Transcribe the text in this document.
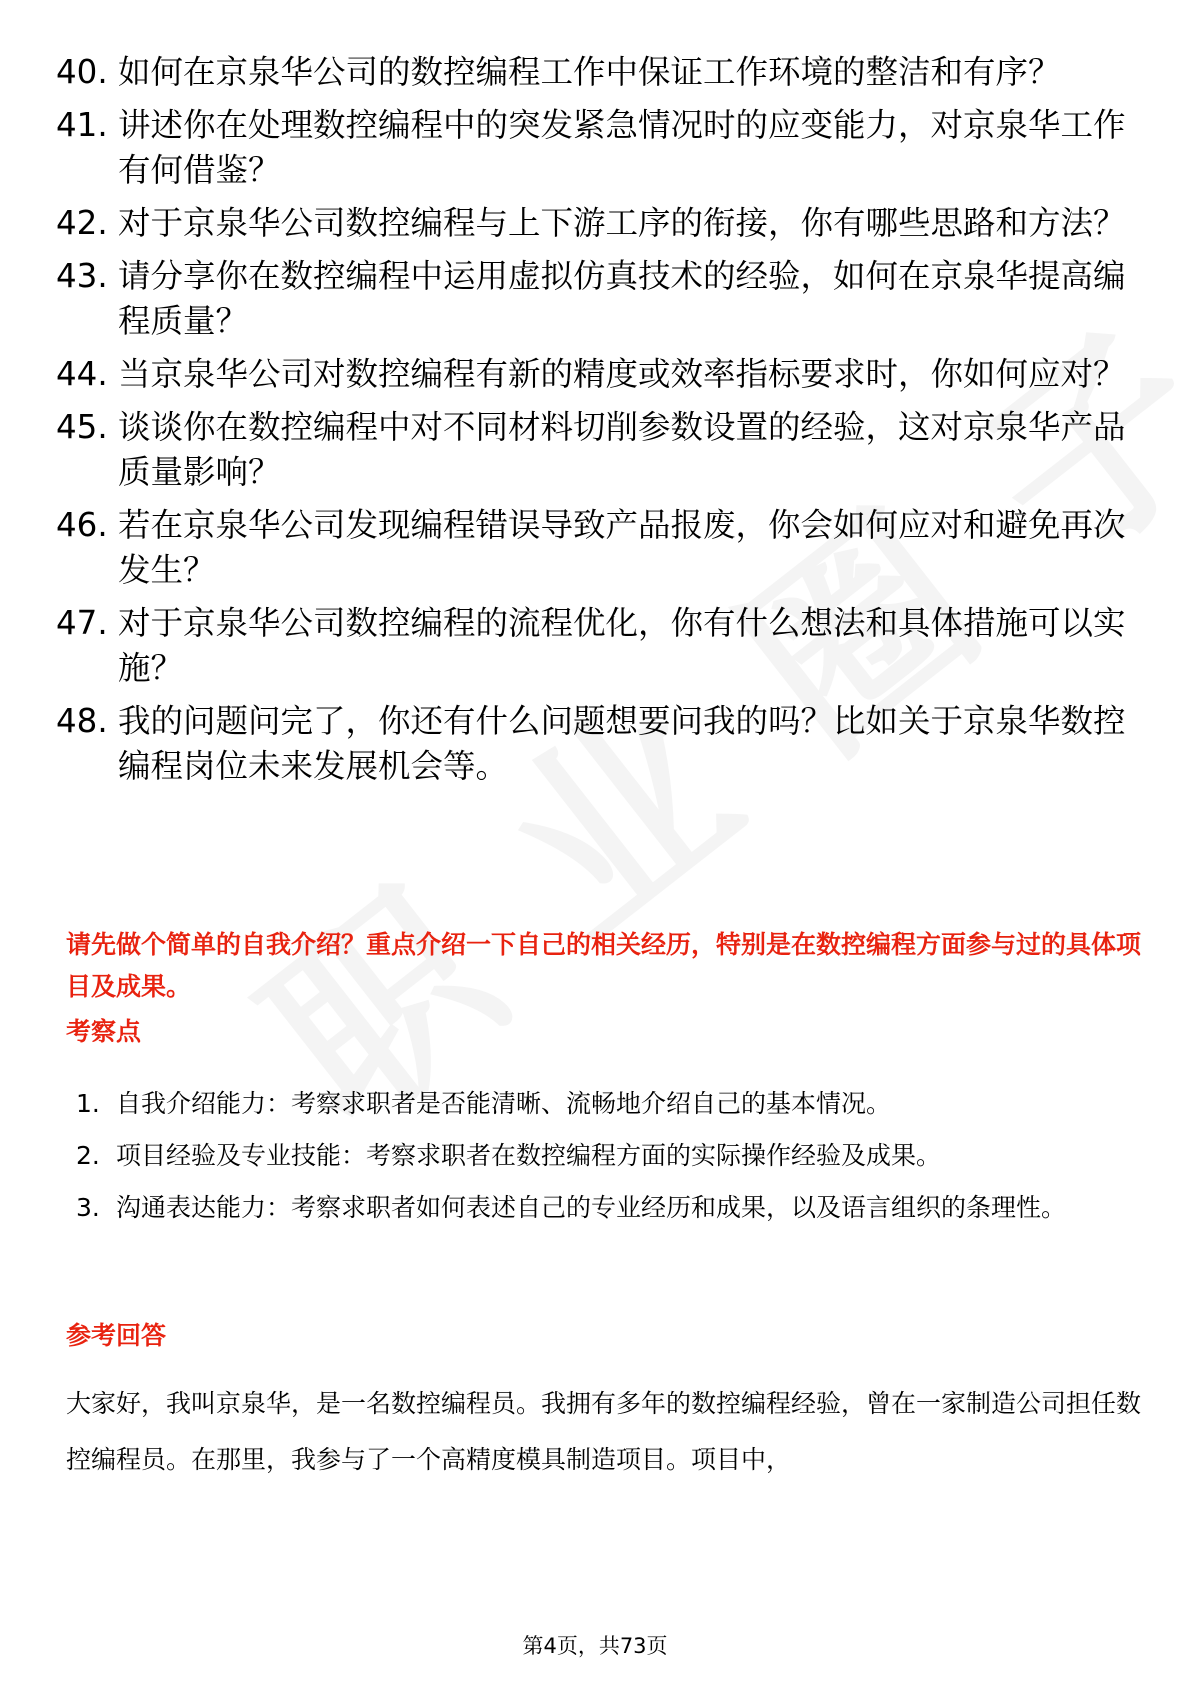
40. 如何在京泉华公司的数控编程工作中保证工作环境的整洁和有序？
41. 讲述你在处理数控编程中的突发紧急情况时的应变能力，对京泉华工作有何借鉴？
42. 对于京泉华公司数控编程与上下游工序的衔接，你有哪些思路和方法？
43. 请分享你在数控编程中运用虚拟仿真技术的经验，如何在京泉华提高编程质量？
44. 当京泉华公司对数控编程有新的精度或效率指标要求时，你如何应对？
45. 谈谈你在数控编程中对不同材料切削参数设置的经验，这对京泉华产品质量影响？
46. 若在京泉华公司发现编程错误导致产品报废，你会如何应对和避免再次发生？
47. 对于京泉华公司数控编程的流程优化，你有什么想法和具体措施可以实施？
48. 我的问题问完了，你还有什么问题想要问我的吗？比如关于京泉华数控编程岗位未来发展机会等。
请先做个简单的自我介绍？重点介绍一下自己的相关经历，特别是在数控编程方面参与过的具体项目及成果。
考察点
1. 自我介绍能力：考察求职者是否能清晰、流畅地介绍自己的基本情况。
2. 项目经验及专业技能：考察求职者在数控编程方面的实际操作经验及成果。
3. 沟通表达能力：考察求职者如何表述自己的专业经历和成果，以及语言组织的条理性。
参考回答
大家好，我叫京泉华，是一名数控编程员。我拥有多年的数控编程经验，曾在一家制造公司担任数控编程员。在那里，我参与了一个高精度模具制造项目。项目中，
第4页，共73页
